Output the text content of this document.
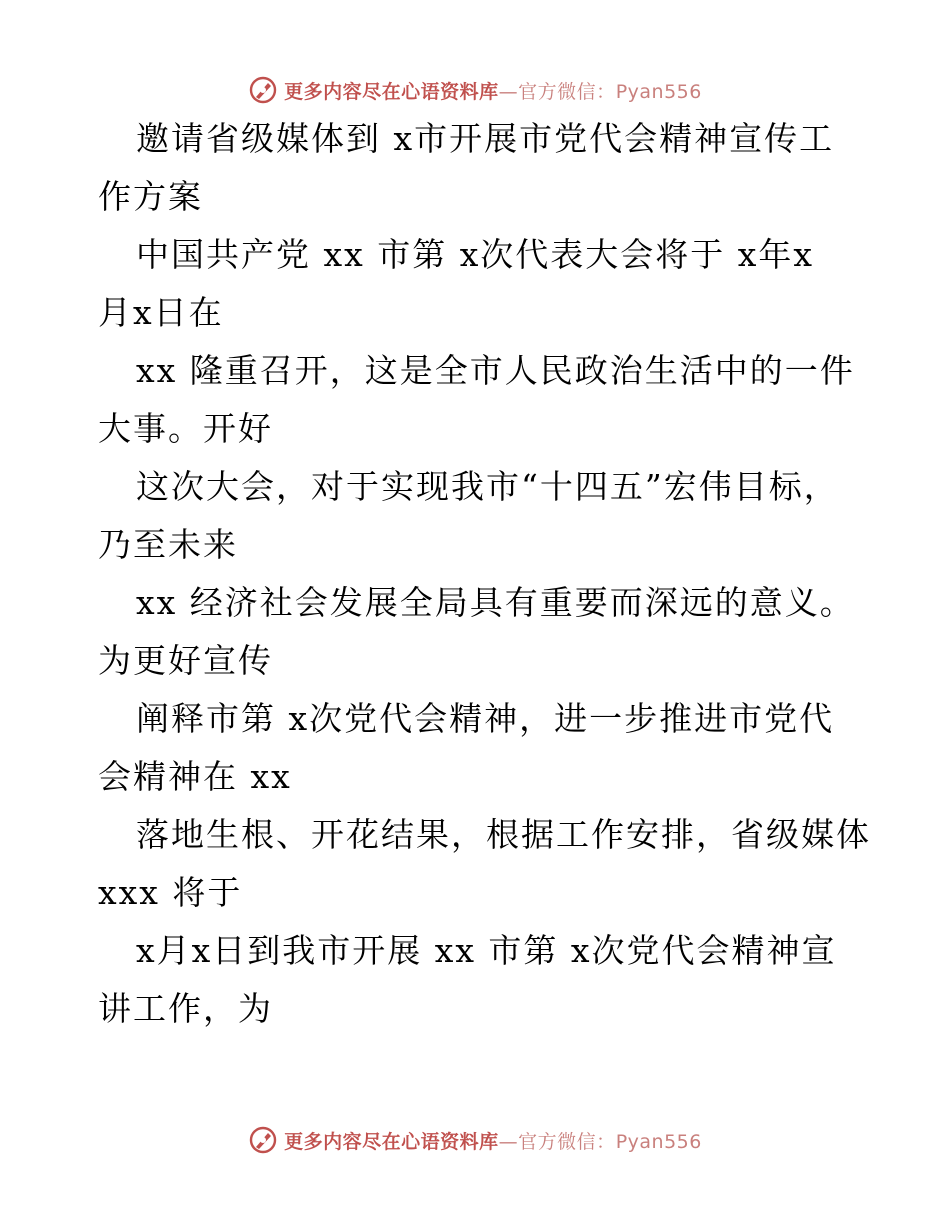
更多内容尽在心语资料库—官方微信：Pyan556
邀请省级媒体到 x市开展市党代会精神宣传工
作方案
中国共产党 xx 市第 x次代表大会将于 x年x
月x日在
xx 隆重召开，这是全市人民政治生活中的一件
大事。开好
这次大会，对于实现我市“十四五”宏伟目标，
乃至未来
xx 经济社会发展全局具有重要而深远的意义。
为更好宣传
阐释市第 x次党代会精神，进一步推进市党代
会精神在 xx
落地生根、开花结果，根据工作安排，省级媒体
xxx 将于
x月x日到我市开展 xx 市第 x次党代会精神宣
讲工作，为
更多内容尽在心语资料库—官方微信：Pyan556
